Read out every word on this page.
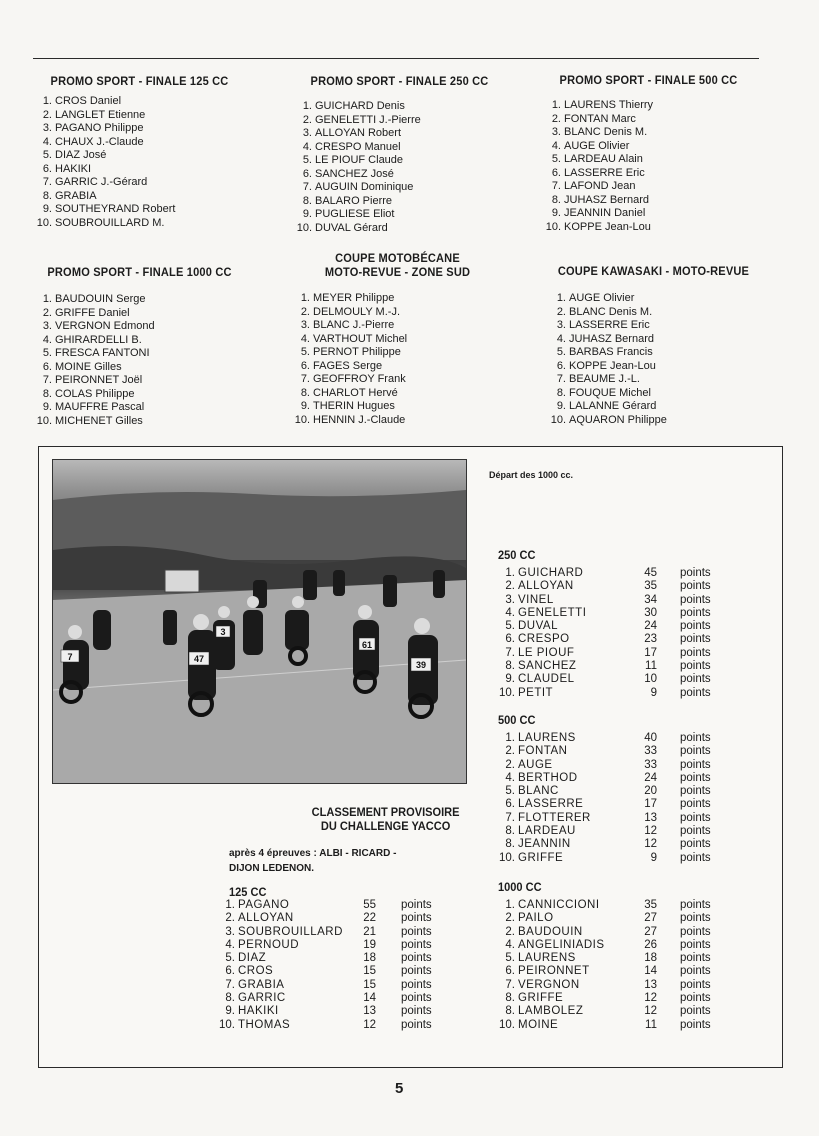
PROMO SPORT - FINALE 125 CC
1. CROS Daniel
2. LANGLET Etienne
3. PAGANO Philippe
4. CHAUX J.-Claude
5. DIAZ José
6. HAKIKI
7. GARRIC J.-Gérard
8. GRABIA
9. SOUTHEYRAND Robert
10. SOUBROUILLARD M.
PROMO SPORT - FINALE 250 CC
1. GUICHARD Denis
2. GENELETTI J.-Pierre
3. ALLOYAN Robert
4. CRESPO Manuel
5. LE PIOUF Claude
6. SANCHEZ José
7. AUGUIN Dominique
8. BALARO Pierre
9. PUGLIESE Eliot
10. DUVAL Gérard
PROMO SPORT - FINALE 500 CC
1. LAURENS Thierry
2. FONTAN Marc
3. BLANC Denis M.
4. AUGE Olivier
5. LARDEAU Alain
6. LASSERRE Eric
7. LAFOND Jean
8. JUHASZ Bernard
9. JEANNIN Daniel
10. KOPPE Jean-Lou
PROMO SPORT - FINALE 1000 CC
1. BAUDOUIN Serge
2. GRIFFE Daniel
3. VERGNON Edmond
4. GHIRARDELLI B.
5. FRESCA FANTONI
6. MOINE Gilles
7. PEIRONNET Joël
8. COLAS Philippe
9. MAUFFRE Pascal
10. MICHENET Gilles
COUPE MOTOBÉCANE
MOTO-REVUE - ZONE SUD
1. MEYER Philippe
2. DELMOULY M.-J.
3. BLANC J.-Pierre
4. VARTHOUT Michel
5. PERNOT Philippe
6. FAGES Serge
7. GEOFFROY Frank
8. CHARLOT Hervé
9. THERIN Hugues
10. HENNIN J.-Claude
COUPE KAWASAKI - MOTO-REVUE
1. AUGE Olivier
2. BLANC Denis M.
3. LASSERRE Eric
4. JUHASZ Bernard
5. BARBAS Francis
6. KOPPE Jean-Lou
7. BEAUME J.-L.
8. FOUQUE Michel
9. LALANNE Gérard
10. AQUARON Philippe
7	47
3
61
39
Départ des 1000 cc.
CLASSEMENT PROVISOIRE
DU CHALLENGE YACCO
après 4 épreuves : ALBI - RICARD -
DIJON LEDENON.
125 CC
1. PAGANO	55 points
2. ALLOYAN	22 points
3. SOUBROUILLARD	21 points
4. PERNOUD	19 points
5. DIAZ	18 points
6. CROS	15 points
7. GRABIA	15 points
8. GARRIC	14 points
9. HAKIKI	13 points
10. THOMAS	12 points
250 CC
1. GUICHARD	45 points
2. ALLOYAN	35 points
3. VINEL	34 points
4. GENELETTI	30 points
5. DUVAL	24 points
6. CRESPO	23 points
7. LE PIOUF	17 points
8. SANCHEZ	11 points
9. CLAUDEL	10 points
10. PETIT	9 points
500 CC
1. LAURENS	40 points
2. FONTAN	33 points
2. AUGE	33 points
4. BERTHOD	24 points
5. BLANC	20 points
6. LASSERRE	17 points
7. FLOTTERER	13 points
8. LARDEAU	12 points
8. JEANNIN	12 points
10. GRIFFE	9 points
1000 CC
1. CANNICCIONI	35 points
2. PAILO	27 points
2. BAUDOUIN	27 points
4. ANGELINIADIS	26 points
5. LAURENS	18 points
6. PEIRONNET	14 points
7. VERGNON	13 points
8. GRIFFE	12 points
8. LAMBOLEZ	12 points
10. MOINE	11 points
5
